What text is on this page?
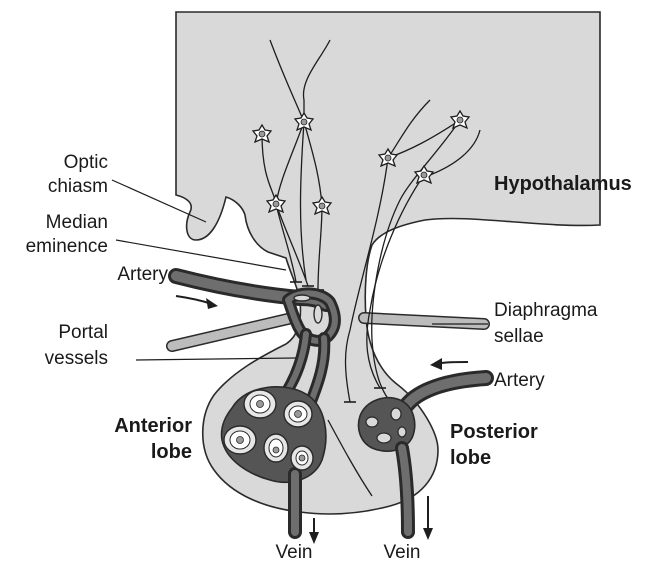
Optic
chiasm
Median
eminence
Artery
Portal
vessels
Anterior
lobe
Vein
Hypothalamus
Diaphragma
sellae
Artery
Posterior
lobe
Vein
